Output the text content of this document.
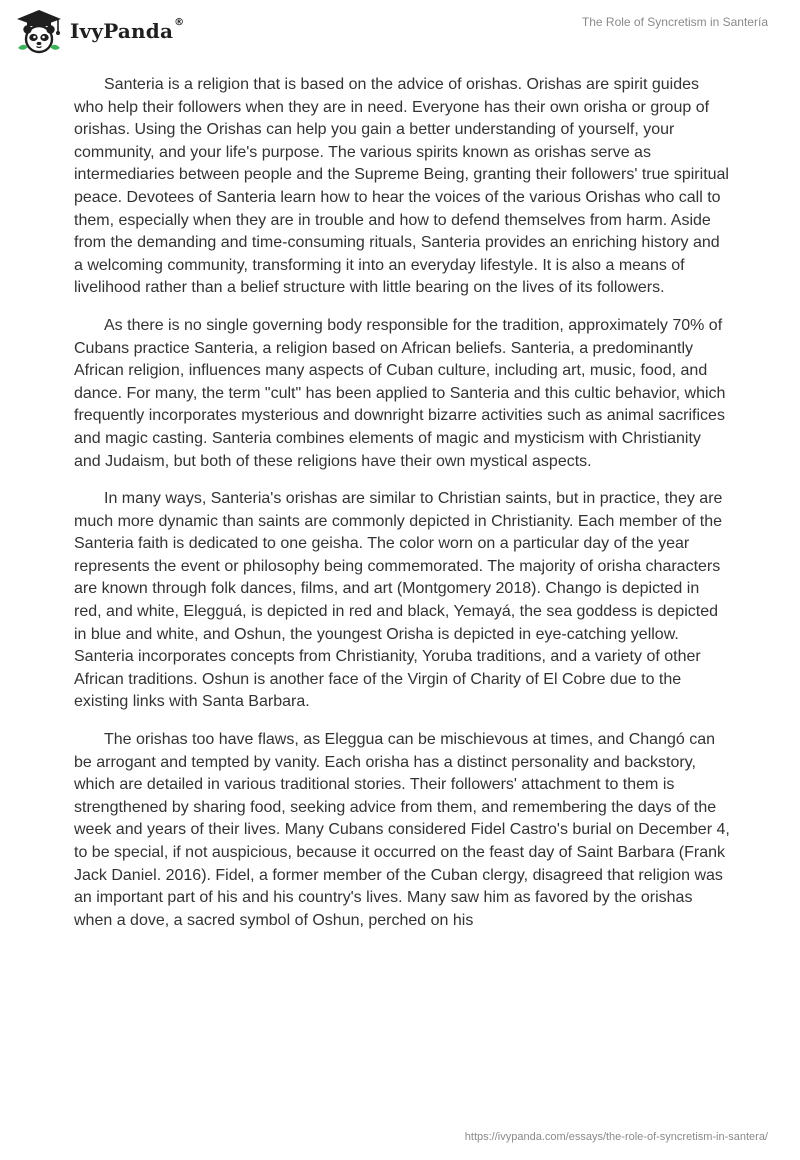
IvyPanda®	The Role of Syncretism in Santería

Santeria is a religion that is based on the advice of orishas. Orishas are spirit guides who help their followers when they are in need. Everyone has their own orisha or group of orishas. Using the Orishas can help you gain a better understanding of yourself, your community, and your life's purpose. The various spirits known as orishas serve as intermediaries between people and the Supreme Being, granting their followers' true spiritual peace. Devotees of Santeria learn how to hear the voices of the various Orishas who call to them, especially when they are in trouble and how to defend themselves from harm. Aside from the demanding and time-consuming rituals, Santeria provides an enriching history and a welcoming community, transforming it into an everyday lifestyle. It is also a means of livelihood rather than a belief structure with little bearing on the lives of its followers.

As there is no single governing body responsible for the tradition, approximately 70% of Cubans practice Santeria, a religion based on African beliefs. Santeria, a predominantly African religion, influences many aspects of Cuban culture, including art, music, food, and dance. For many, the term "cult" has been applied to Santeria and this cultic behavior, which frequently incorporates mysterious and downright bizarre activities such as animal sacrifices and magic casting. Santeria combines elements of magic and mysticism with Christianity and Judaism, but both of these religions have their own mystical aspects.

In many ways, Santeria's orishas are similar to Christian saints, but in practice, they are much more dynamic than saints are commonly depicted in Christianity. Each member of the Santeria faith is dedicated to one geisha. The color worn on a particular day of the year represents the event or philosophy being commemorated. The majority of orisha characters are known through folk dances, films, and art (Montgomery 2018). Chango is depicted in red, and white, Elegguá, is depicted in red and black, Yemayá, the sea goddess is depicted in blue and white, and Oshun, the youngest Orisha is depicted in eye-catching yellow. Santeria incorporates concepts from Christianity, Yoruba traditions, and a variety of other African traditions. Oshun is another face of the Virgin of Charity of El Cobre due to the existing links with Santa Barbara.

The orishas too have flaws, as Eleggua can be mischievous at times, and Changó can be arrogant and tempted by vanity. Each orisha has a distinct personality and backstory, which are detailed in various traditional stories. Their followers' attachment to them is strengthened by sharing food, seeking advice from them, and remembering the days of the week and years of their lives. Many Cubans considered Fidel Castro's burial on December 4, to be special, if not auspicious, because it occurred on the feast day of Saint Barbara (Frank Jack Daniel. 2016). Fidel, a former member of the Cuban clergy, disagreed that religion was an important part of his and his country's lives. Many saw him as favored by the orishas when a dove, a sacred symbol of Oshun, perched on his

https://ivypanda.com/essays/the-role-of-syncretism-in-santera/
